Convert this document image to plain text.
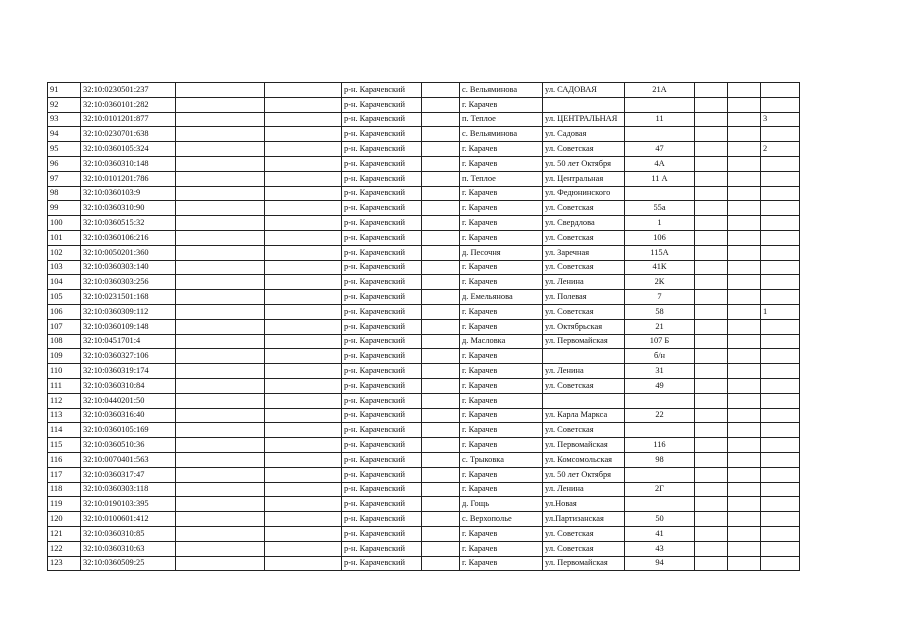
91	32:10:0230501:237			р-н. Карачевский		с. Вельяминова	ул. САДОВАЯ	21А			
92	32:10:0360101:282			р-н. Карачевский		г. Карачев					
93	32:10:0101201:877			р-н. Карачевский		п. Теплое	ул. ЦЕНТРАЛЬНАЯ	11			3
94	32:10:0230701:638			р-н. Карачевский		с. Вельяминова	ул. Садовая				
95	32:10:0360105:324			р-н. Карачевский		г. Карачев	ул. Советская	47			2
96	32:10:0360310:148			р-н. Карачевский		г. Карачев	ул. 50 лет Октября	4А			
97	32:10:0101201:786			р-н. Карачевский		п. Теплое	ул. Центральная	11 А			
98	32:10:0360103:9			р-н. Карачевский		г. Карачев	ул. Федюнинского				
99	32:10:0360310:90			р-н. Карачевский		г. Карачев	ул. Советская	55а			
100	32:10:0360515:32			р-н. Карачевский		г. Карачев	ул. Свердлова	1			
101	32:10:0360106:216			р-н. Карачевский		г. Карачев	ул. Советская	106			
102	32:10:0050201:360			р-н. Карачевский		д. Песочня	ул. Заречная	115А			
103	32:10:0360303:140			р-н. Карачевский		г. Карачев	ул. Советская	41К			
104	32:10:0360303:256			р-н. Карачевский		г. Карачев	ул. Ленина	2К			
105	32:10:0231501:168			р-н. Карачевский		д. Емельянова	ул. Полевая	7			
106	32:10:0360309:112			р-н. Карачевский		г. Карачев	ул. Советская	58			1
107	32:10:0360109:148			р-н. Карачевский		г. Карачев	ул. Октябрьская	21			
108	32:10:0451701:4			р-н. Карачевский		д. Масловка	ул. Первомайская	107 Б			
109	32:10:0360327:106			р-н. Карачевский		г. Карачев		б/н			
110	32:10:0360319:174			р-н. Карачевский		г. Карачев	ул. Ленина	31			
111	32:10:0360310:84			р-н. Карачевский		г. Карачев	ул. Советская	49			
112	32:10:0440201:50			р-н. Карачевский		г. Карачев					
113	32:10:0360316:40			р-н. Карачевский		г. Карачев	ул. Карла Маркса	22			
114	32:10:0360105:169			р-н. Карачевский		г. Карачев	ул. Советская				
115	32:10:0360510:36			р-н. Карачевский		г. Карачев	ул. Первомайская	116			
116	32:10:0070401:563			р-н. Карачевский		с. Трыковка	ул. Комсомольская	98			
117	32:10:0360317:47			р-н. Карачевский		г. Карачев	ул. 50 лет Октября				
118	32:10:0360303:118			р-н. Карачевский		г. Карачев	ул. Ленина	2Г			
119	32:10:0190103:395			р-н. Карачевский		д. Гощь	ул.Новая				
120	32:10:0100601:412			р-н. Карачевский		с. Верхополье	ул.Партизанская	50			
121	32:10:0360310:85			р-н. Карачевский		г. Карачев	ул. Советская	41			
122	32:10:0360310:63			р-н. Карачевский		г. Карачев	ул. Советская	43			
123	32:10:0360509:25			р-н. Карачевский		г. Карачев	ул. Первомайская	94			
